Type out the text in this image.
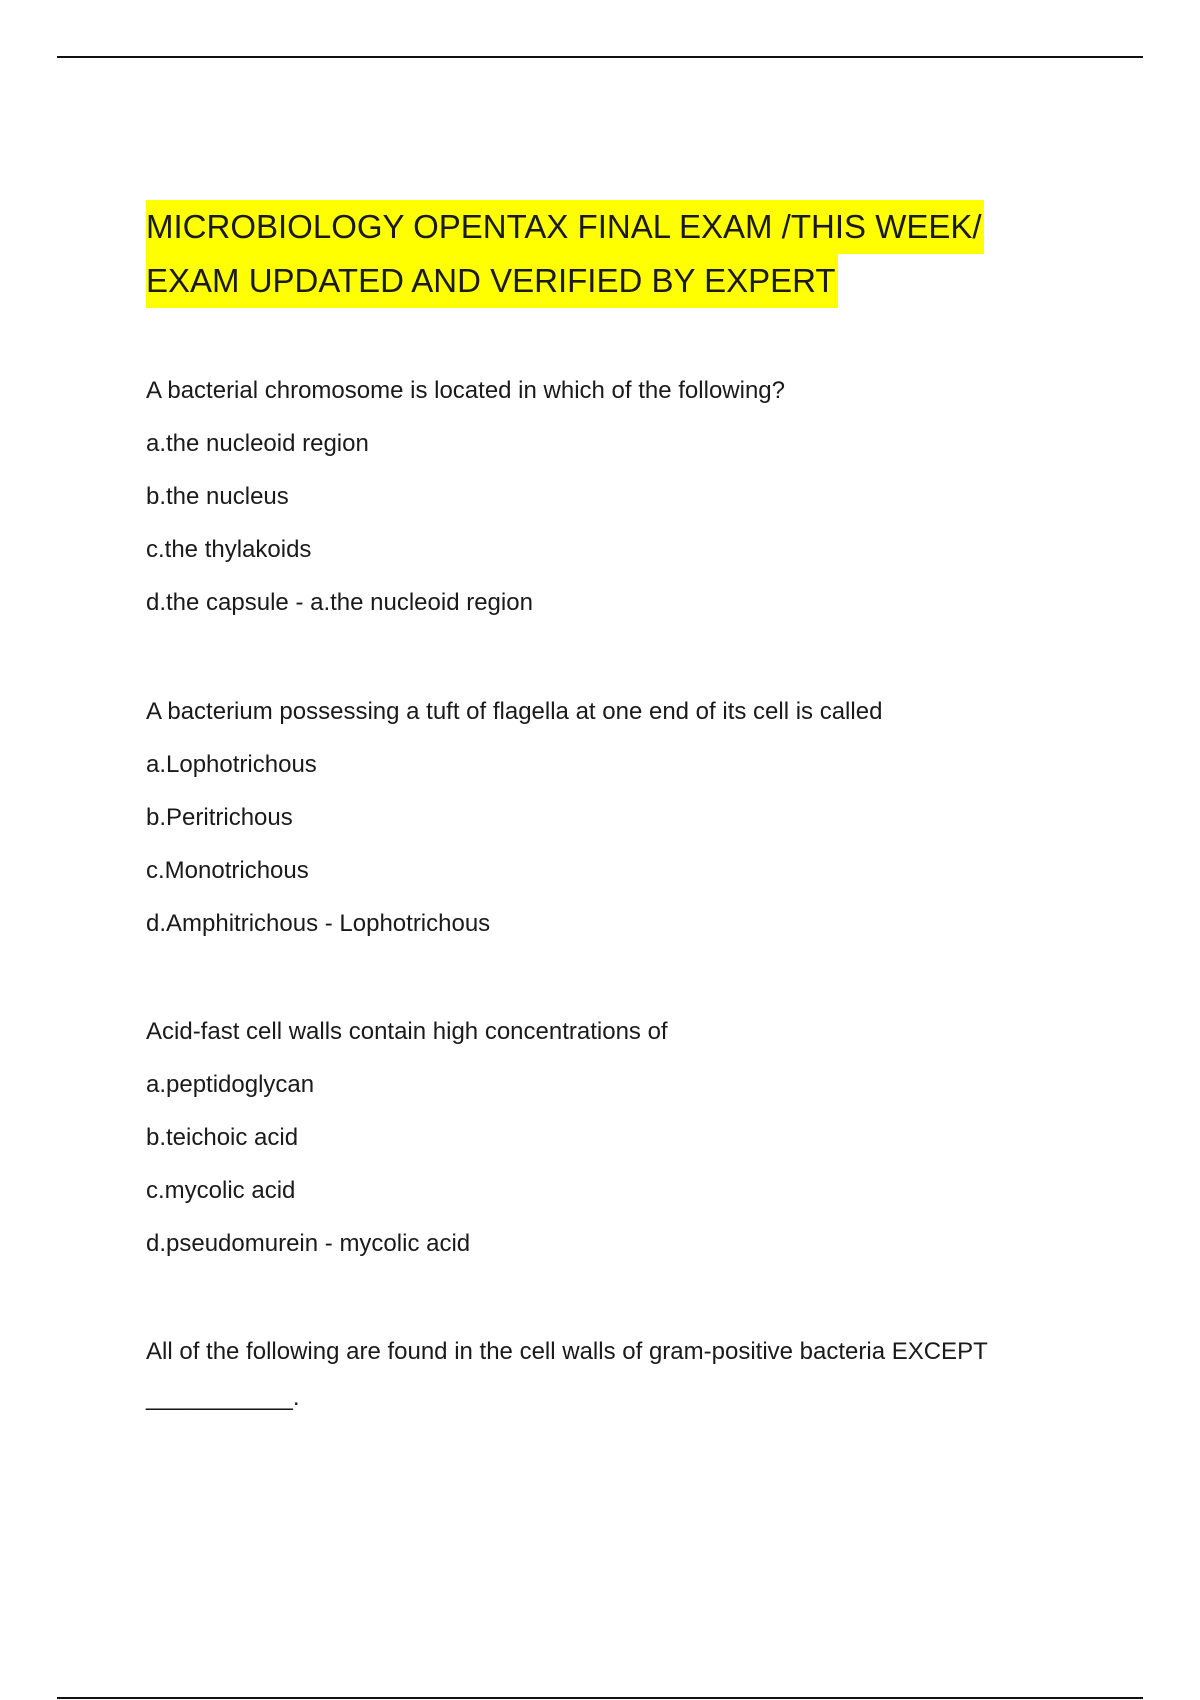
MICROBIOLOGY OPENTAX FINAL EXAM /THIS WEEK/
EXAM UPDATED AND VERIFIED BY EXPERT
A bacterial chromosome is located in which of the following?
a.the nucleoid region
b.the nucleus
c.the thylakoids
d.the capsule - a.the nucleoid region
A bacterium possessing a tuft of flagella at one end of its cell is called
a.Lophotrichous
b.Peritrichous
c.Monotrichous
d.Amphitrichous - Lophotrichous
Acid-fast cell walls contain high concentrations of
a.peptidoglycan
b.teichoic acid
c.mycolic acid
d.pseudomurein - mycolic acid
All of the following are found in the cell walls of gram-positive bacteria EXCEPT
___________.
